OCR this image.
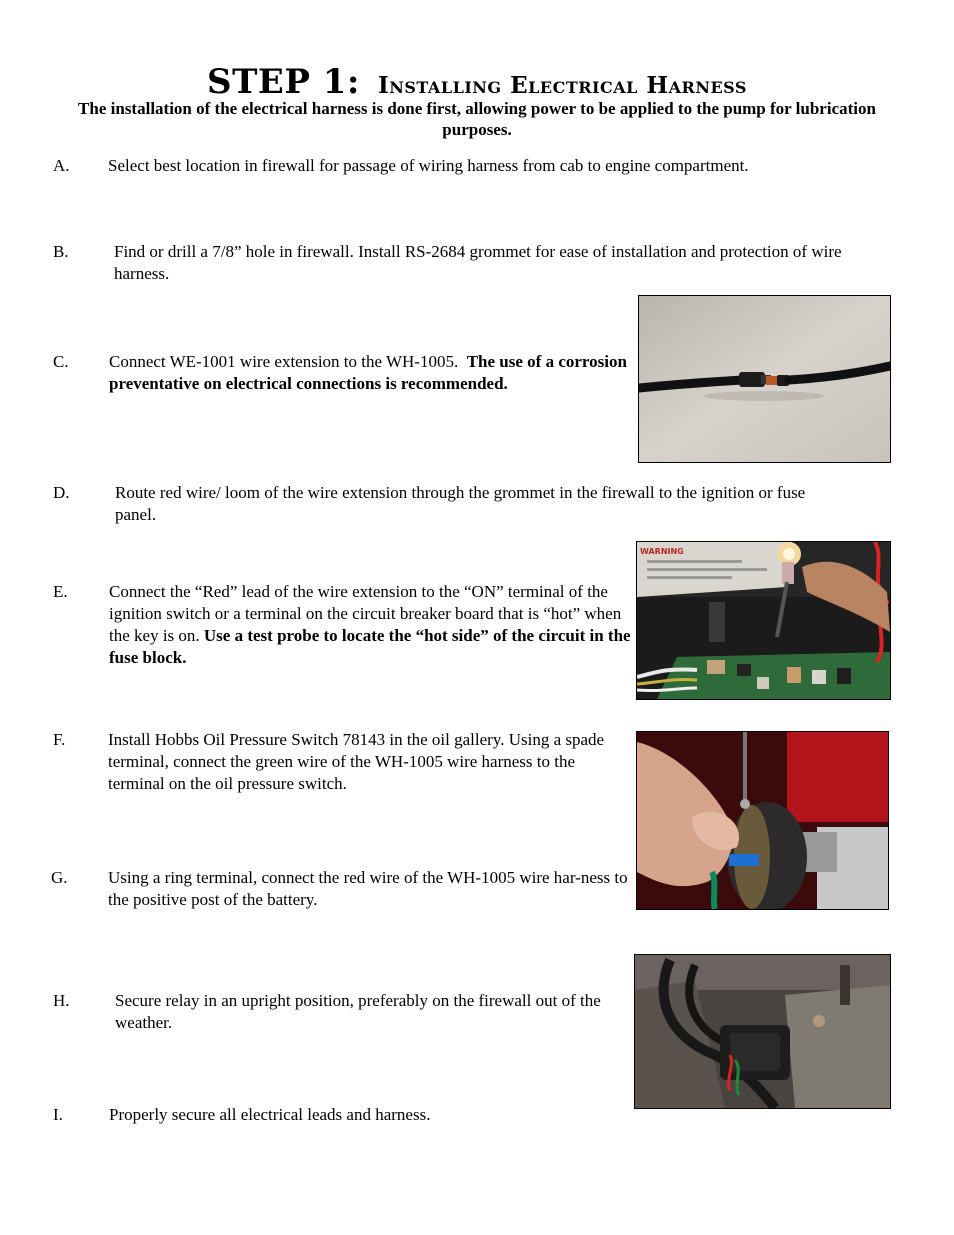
STEP 1: Installing Electrical Harness
The installation of the electrical harness is done first, allowing power to be applied to the pump for lubrication purposes.
A. Select best location in firewall for passage of wiring harness from cab to engine compartment.
B.	Find or drill a 7/8” hole in firewall. Install RS-2684 grommet for ease of installation and protection of wire harness.
C. Connect WE-1001 wire extension to the WH-1005. The use of a corrosion preventative on electrical connections is recommended.
D.	Route red wire/ loom of the wire extension through the grommet in the firewall to the ignition or fuse panel.
E. Connect the “Red” lead of the wire extension to the “ON” terminal of the ignition switch or a terminal on the circuit breaker board that is “hot” when the key is on. Use a test probe to locate the “hot side” of the circuit in the fuse block.
F.	Install Hobbs Oil Pressure Switch 78143 in the oil gallery. Using a spade terminal, connect the green wire of the WH-1005 wire harness to the terminal on the oil pressure switch.
G. Using a ring terminal, connect the red wire of the WH-1005 wire har-ness to the positive post of the battery.
H.	Secure relay in an upright position, preferably on the firewall out of the weather.
I.	Properly secure all electrical leads and harness.
WARNING
